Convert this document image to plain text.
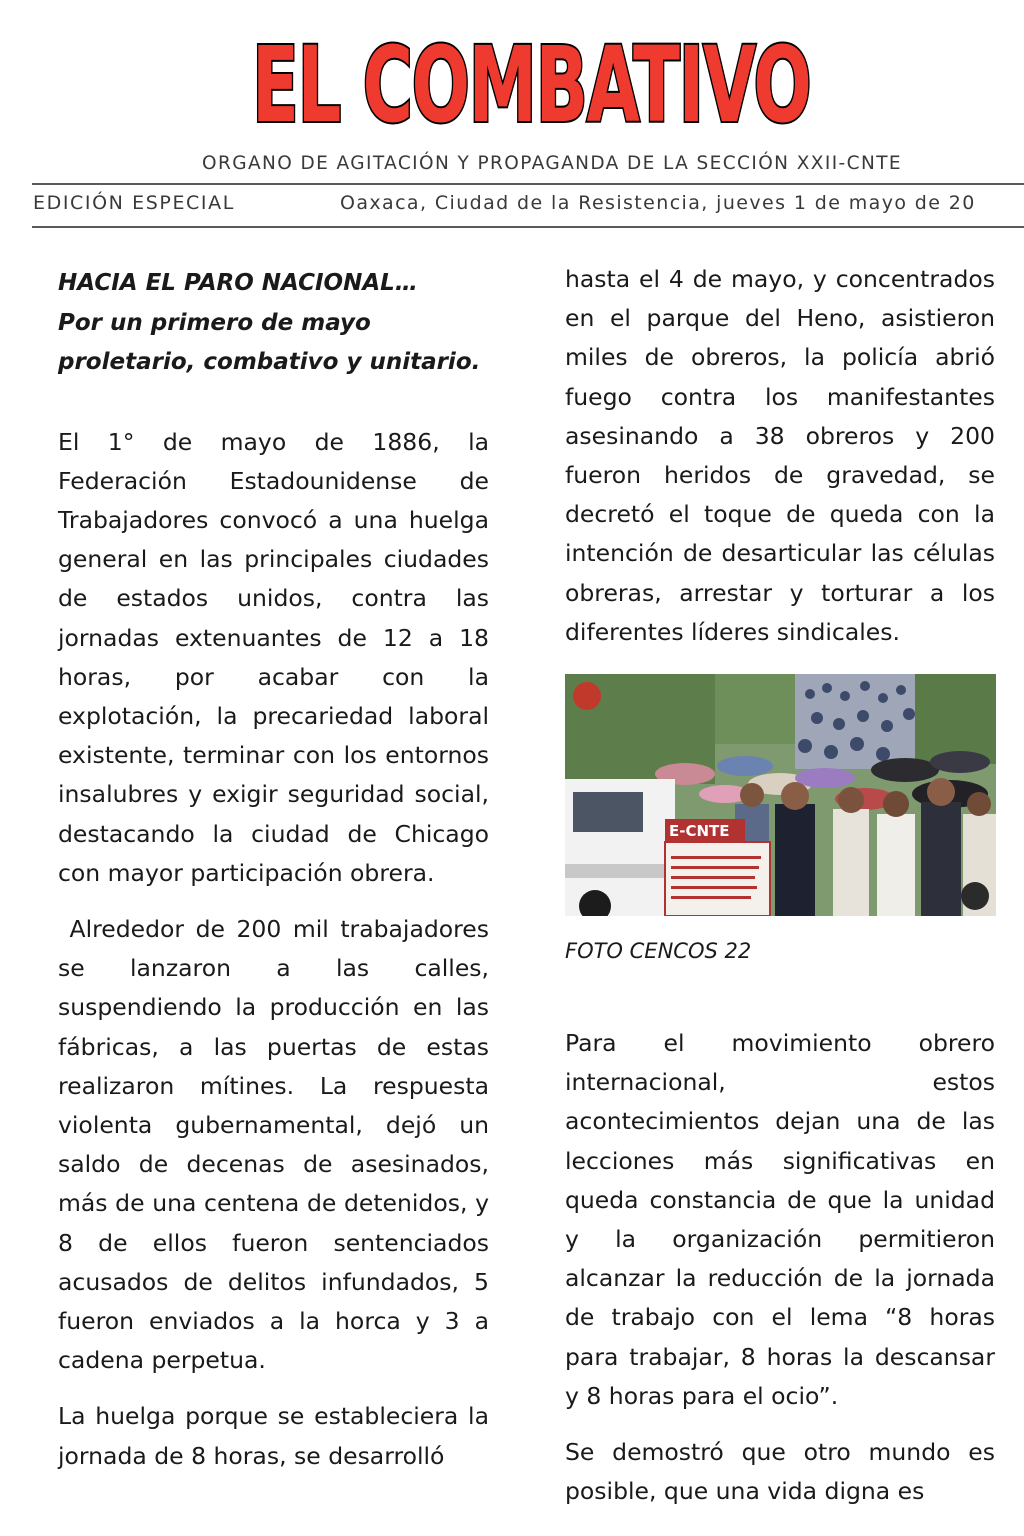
EL COMBATIVO
ORGANO DE AGITACIÓN Y PROPAGANDA DE LA SECCIÓN XXII-CNTE
EDICIÓN ESPECIAL	Oaxaca, Ciudad de la Resistencia, jueves 1 de mayo de 20

HACIA EL PARO NACIONAL…
Por un primero de mayo proletario, combativo y unitario.

El 1° de mayo de 1886, la Federación Estadounidense de Trabajadores convocó a una huelga general en las principales ciudades de estados unidos, contra las jornadas extenuantes de 12 a 18 horas, por acabar con la explotación, la precariedad laboral existente, terminar con los entornos insalubres y exigir seguridad social, destacando la ciudad de Chicago con mayor participación obrera.

Alrededor de 200 mil trabajadores se lanzaron a las calles, suspendiendo la producción en las fábricas, a las puertas de estas realizaron mítines. La respuesta violenta gubernamental, dejó un saldo de decenas de asesinados, más de una centena de detenidos, y 8 de ellos fueron sentenciados acusados de delitos infundados, 5 fueron enviados a la horca y 3 a cadena perpetua.

La huelga porque se estableciera la jornada de 8 horas, se desarrolló

hasta el 4 de mayo, y concentrados en el parque del Heno, asistieron miles de obreros, la policía abrió fuego contra los manifestantes asesinando a 38 obreros y 200 fueron heridos de gravedad, se decretó el toque de queda con la intención de desarticular las células obreras, arrestar y torturar a los diferentes líderes sindicales.

E-CNTE

FOTO CENCOS 22

Para el movimiento obrero internacional, estos acontecimientos dejan una de las lecciones más significativas en queda constancia de que la unidad y la organización permitieron alcanzar la reducción de la jornada de trabajo con el lema “8 horas para trabajar, 8 horas la descansar y 8 horas para el ocio”.

Se demostró que otro mundo es posible, que una vida digna es
